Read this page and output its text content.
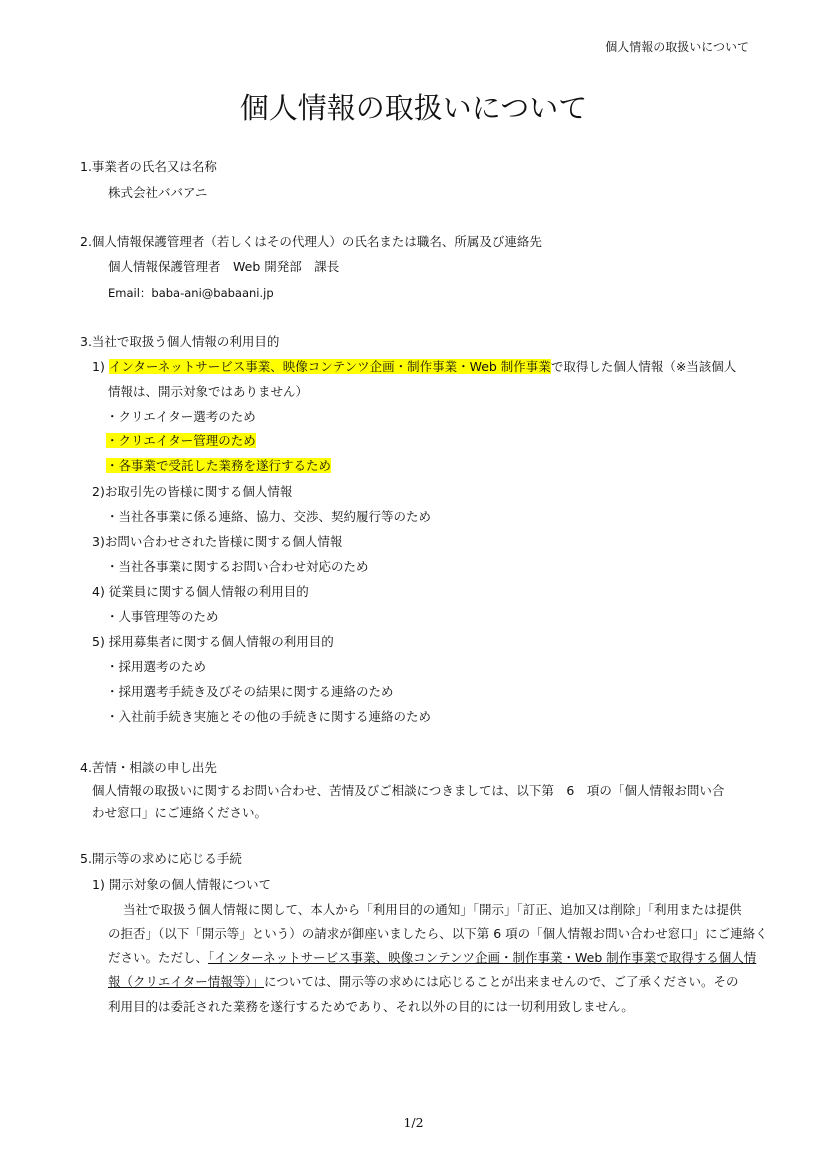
個人情報の取扱いについて
個人情報の取扱いについて
1.事業者の氏名又は名称
株式会社ババアニ
2.個人情報保護管理者（若しくはその代理人）の氏名または職名、所属及び連絡先
個人情報保護管理者　Web 開発部　課長
Email：baba-ani@babaani.jp
3.当社で取扱う個人情報の利用目的
1) インターネットサービス事業、映像コンテンツ企画・制作事業・Web 制作事業で取得した個人情報（※当該個人
情報は、開示対象ではありません）
・クリエイター選考のため
・クリエイター管理のため
・各事業で受託した業務を遂行するため
2)お取引先の皆様に関する個人情報
・当社各事業に係る連絡、協力、交渉、契約履行等のため
3)お問い合わせされた皆様に関する個人情報
・当社各事業に関するお問い合わせ対応のため
4) 従業員に関する個人情報の利用目的
・人事管理等のため
5) 採用募集者に関する個人情報の利用目的
・採用選考のため
・採用選考手続き及びその結果に関する連絡のため
・入社前手続き実施とその他の手続きに関する連絡のため
4.苦情・相談の申し出先
個人情報の取扱いに関するお問い合わせ、苦情及びご相談につきましては、以下第　6　項の「個人情報お問い合
わせ窓口」にご連絡ください。
5.開示等の求めに応じる手続
1) 開示対象の個人情報について
当社で取扱う個人情報に関して、本人から「利用目的の通知」「開示」「訂正、追加又は削除」「利用または提供
の拒否」（以下「開示等」という）の請求が御座いましたら、以下第 6 項の「個人情報お問い合わせ窓口」にご連絡く
ださい。ただし、「インターネットサービス事業、映像コンテンツ企画・制作事業・Web 制作事業で取得する個人情
報（クリエイター情報等）」については、開示等の求めには応じることが出来ませんので、ご了承ください。その
利用目的は委託された業務を遂行するためであり、それ以外の目的には一切利用致しません。
1/2
